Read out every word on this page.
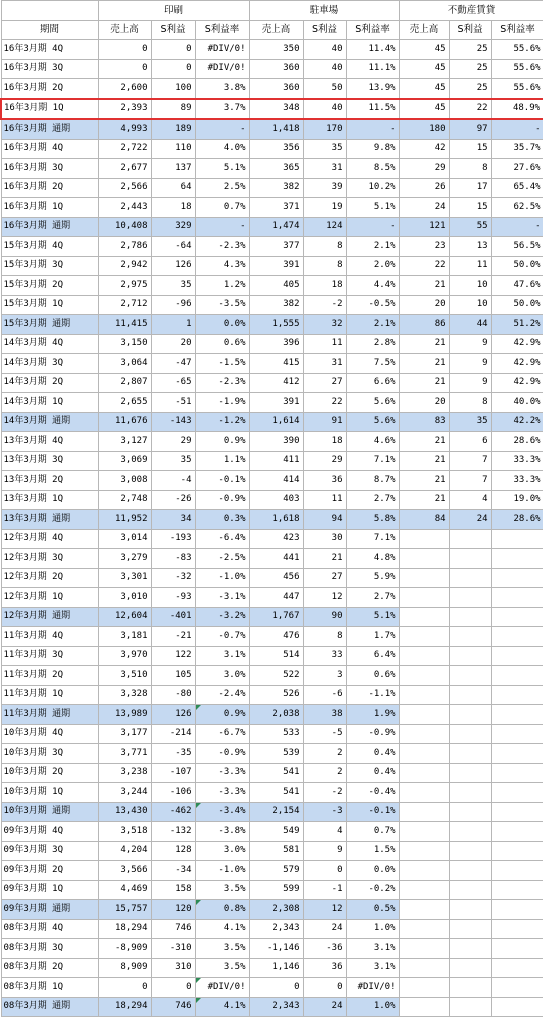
	印刷			駐車場			不動産賃貸		
期間	売上高	S利益	S利益率	売上高	S利益	S利益率	売上高	S利益	S利益率
16年3月期 4Q	0	0	#DIV/0!	350	40	11.4%	45	25	55.6%
16年3月期 3Q	0	0	#DIV/0!	360	40	11.1%	45	25	55.6%
16年3月期 2Q	2,600	100	3.8%	360	50	13.9%	45	25	55.6%
16年3月期 1Q	2,393	89	3.7%	348	40	11.5%	45	22	48.9%
16年3月期 通期	4,993	189	-	1,418	170	-	180	97	-
16年3月期 4Q	2,722	110	4.0%	356	35	9.8%	42	15	35.7%
16年3月期 3Q	2,677	137	5.1%	365	31	8.5%	29	8	27.6%
16年3月期 2Q	2,566	64	2.5%	382	39	10.2%	26	17	65.4%
16年3月期 1Q	2,443	18	0.7%	371	19	5.1%	24	15	62.5%
16年3月期 通期	10,408	329	-	1,474	124	-	121	55	-
15年3月期 4Q	2,786	-64	-2.3%	377	8	2.1%	23	13	56.5%
15年3月期 3Q	2,942	126	4.3%	391	8	2.0%	22	11	50.0%
15年3月期 2Q	2,975	35	1.2%	405	18	4.4%	21	10	47.6%
15年3月期 1Q	2,712	-96	-3.5%	382	-2	-0.5%	20	10	50.0%
15年3月期 通期	11,415	1	0.0%	1,555	32	2.1%	86	44	51.2%
14年3月期 4Q	3,150	20	0.6%	396	11	2.8%	21	9	42.9%
14年3月期 3Q	3,064	-47	-1.5%	415	31	7.5%	21	9	42.9%
14年3月期 2Q	2,807	-65	-2.3%	412	27	6.6%	21	9	42.9%
14年3月期 1Q	2,655	-51	-1.9%	391	22	5.6%	20	8	40.0%
14年3月期 通期	11,676	-143	-1.2%	1,614	91	5.6%	83	35	42.2%
13年3月期 4Q	3,127	29	0.9%	390	18	4.6%	21	6	28.6%
13年3月期 3Q	3,069	35	1.1%	411	29	7.1%	21	7	33.3%
13年3月期 2Q	3,008	-4	-0.1%	414	36	8.7%	21	7	33.3%
13年3月期 1Q	2,748	-26	-0.9%	403	11	2.7%	21	4	19.0%
13年3月期 通期	11,952	34	0.3%	1,618	94	5.8%	84	24	28.6%
12年3月期 4Q	3,014	-193	-6.4%	423	30	7.1%			
12年3月期 3Q	3,279	-83	-2.5%	441	21	4.8%			
12年3月期 2Q	3,301	-32	-1.0%	456	27	5.9%			
12年3月期 1Q	3,010	-93	-3.1%	447	12	2.7%			
12年3月期 通期	12,604	-401	-3.2%	1,767	90	5.1%			
11年3月期 4Q	3,181	-21	-0.7%	476	8	1.7%			
11年3月期 3Q	3,970	122	3.1%	514	33	6.4%			
11年3月期 2Q	3,510	105	3.0%	522	3	0.6%			
11年3月期 1Q	3,328	-80	-2.4%	526	-6	-1.1%			
11年3月期 通期	13,989	126	0.9%	2,038	38	1.9%			
10年3月期 4Q	3,177	-214	-6.7%	533	-5	-0.9%			
10年3月期 3Q	3,771	-35	-0.9%	539	2	0.4%			
10年3月期 2Q	3,238	-107	-3.3%	541	2	0.4%			
10年3月期 1Q	3,244	-106	-3.3%	541	-2	-0.4%			
10年3月期 通期	13,430	-462	-3.4%	2,154	-3	-0.1%			
09年3月期 4Q	3,518	-132	-3.8%	549	4	0.7%			
09年3月期 3Q	4,204	128	3.0%	581	9	1.5%			
09年3月期 2Q	3,566	-34	-1.0%	579	0	0.0%			
09年3月期 1Q	4,469	158	3.5%	599	-1	-0.2%			
09年3月期 通期	15,757	120	0.8%	2,308	12	0.5%			
08年3月期 4Q	18,294	746	4.1%	2,343	24	1.0%			
08年3月期 3Q	-8,909	-310	3.5%	-1,146	-36	3.1%			
08年3月期 2Q	8,909	310	3.5%	1,146	36	3.1%			
08年3月期 1Q	0	0	#DIV/0!	0	0	#DIV/0!			
08年3月期 通期	18,294	746	4.1%	2,343	24	1.0%			
